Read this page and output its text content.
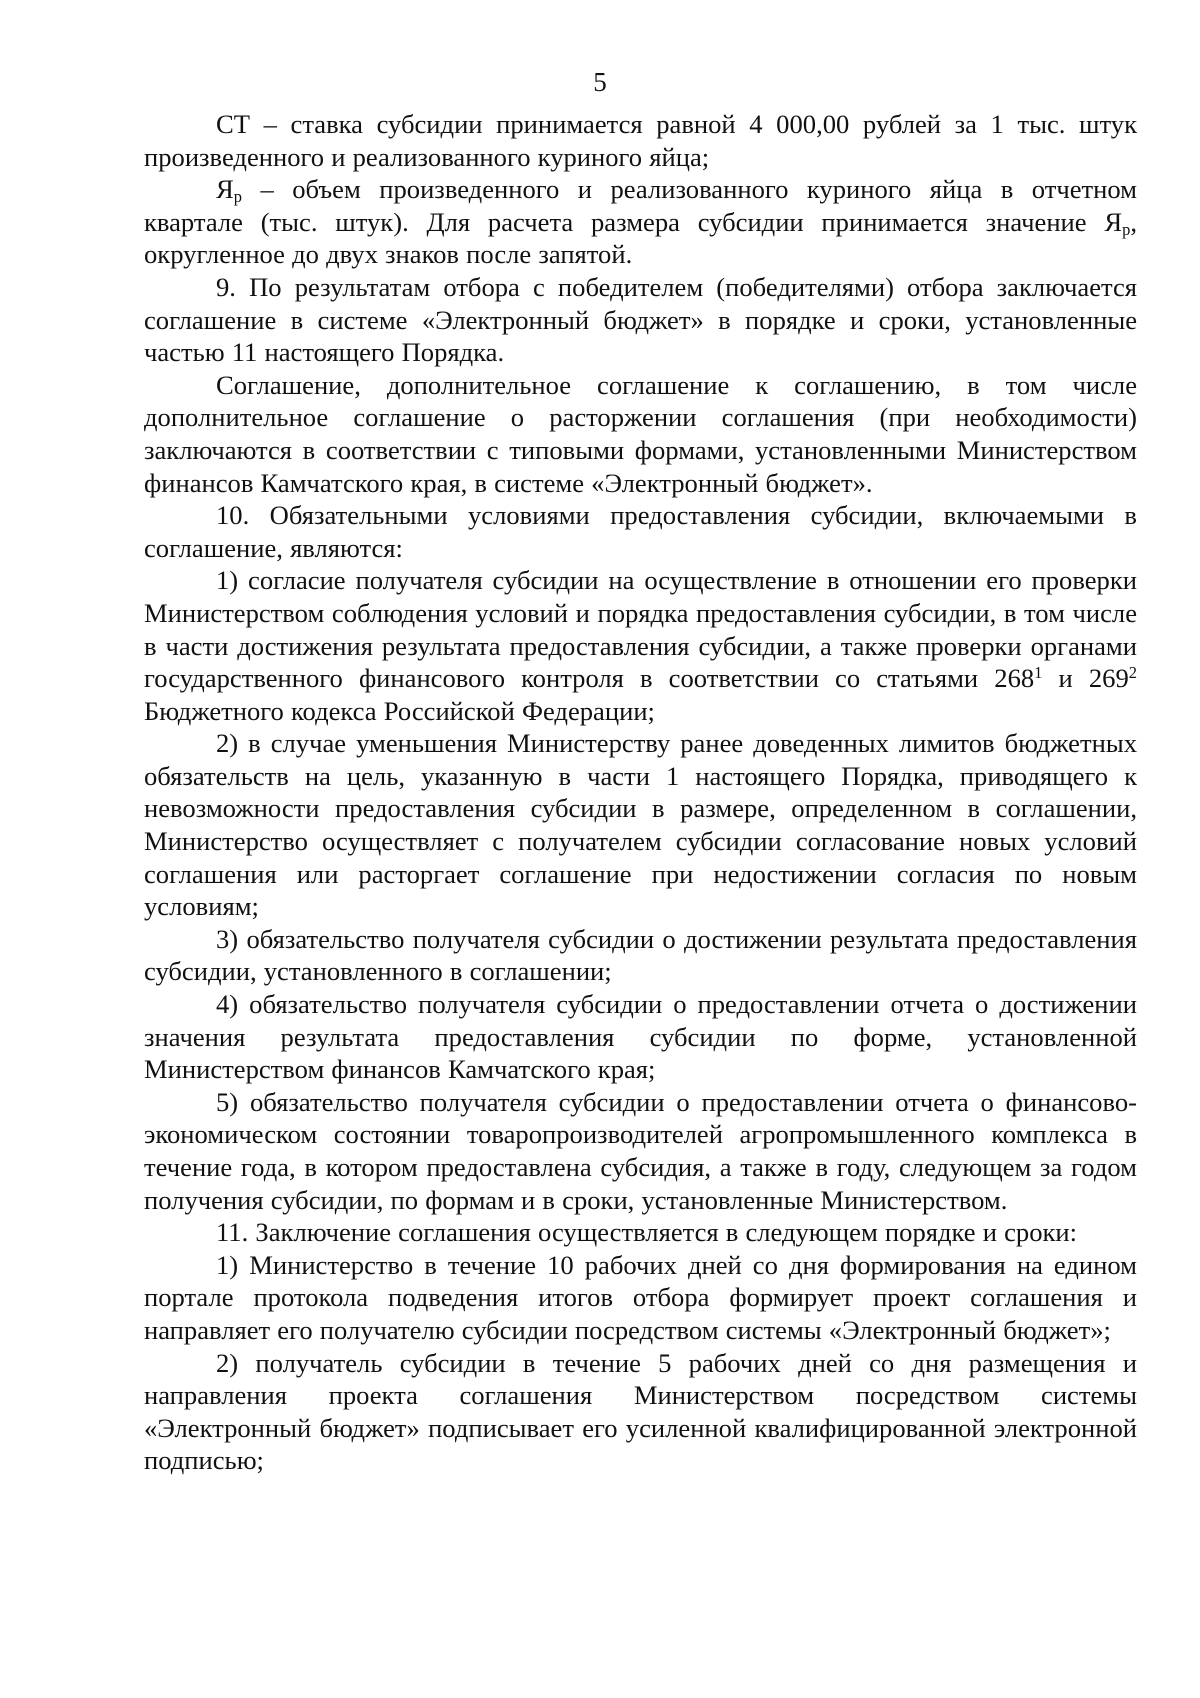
5

СТ – ставка субсидии принимается равной 4 000,00 рублей за 1 тыс. штук произведенного и реализованного куриного яйца;

$Я_р$ – объем произведенного и реализованного куриного яйца в отчетном квартале (тыс. штук). Для расчета размера субсидии принимается значение $Я_р$, округленное до двух знаков после запятой.

9. По результатам отбора с победителем (победителями) отбора заключается соглашение в системе «Электронный бюджет» в порядке и сроки, установленные частью 11 настоящего Порядка.

Соглашение, дополнительное соглашение к соглашению, в том числе дополнительное соглашение о расторжении соглашения (при необходимости) заключаются в соответствии с типовыми формами, установленными Министерством финансов Камчатского края, в системе «Электронный бюджет».

10. Обязательными условиями предоставления субсидии, включаемыми в соглашение, являются:

1) согласие получателя субсидии на осуществление в отношении его проверки Министерством соблюдения условий и порядка предоставления субсидии, в том числе в части достижения результата предоставления субсидии, а также проверки органами государственного финансового контроля в соответствии со статьями $268^1$ и $269^2$ Бюджетного кодекса Российской Федерации;

2) в случае уменьшения Министерству ранее доведенных лимитов бюджетных обязательств на цель, указанную в части 1 настоящего Порядка, приводящего к невозможности предоставления субсидии в размере, определенном в соглашении, Министерство осуществляет с получателем субсидии согласование новых условий соглашения или расторгает соглашение при недостижении согласия по новым условиям;

3) обязательство получателя субсидии о достижении результата предоставления субсидии, установленного в соглашении;

4) обязательство получателя субсидии о предоставлении отчета о достижении значения результата предоставления субсидии по форме, установленной Министерством финансов Камчатского края;

5) обязательство получателя субсидии о предоставлении отчета о финансово-экономическом состоянии товаропроизводителей агропромышленного комплекса в течение года, в котором предоставлена субсидия, а также в году, следующем за годом получения субсидии, по формам и в сроки, установленные Министерством.

11. Заключение соглашения осуществляется в следующем порядке и сроки:

1) Министерство в течение 10 рабочих дней со дня формирования на едином портале протокола подведения итогов отбора формирует проект соглашения и направляет его получателю субсидии посредством системы «Электронный бюджет»;

2) получатель субсидии в течение 5 рабочих дней со дня размещения и направления проекта соглашения Министерством посредством системы «Электронный бюджет» подписывает его усиленной квалифицированной электронной подписью;
